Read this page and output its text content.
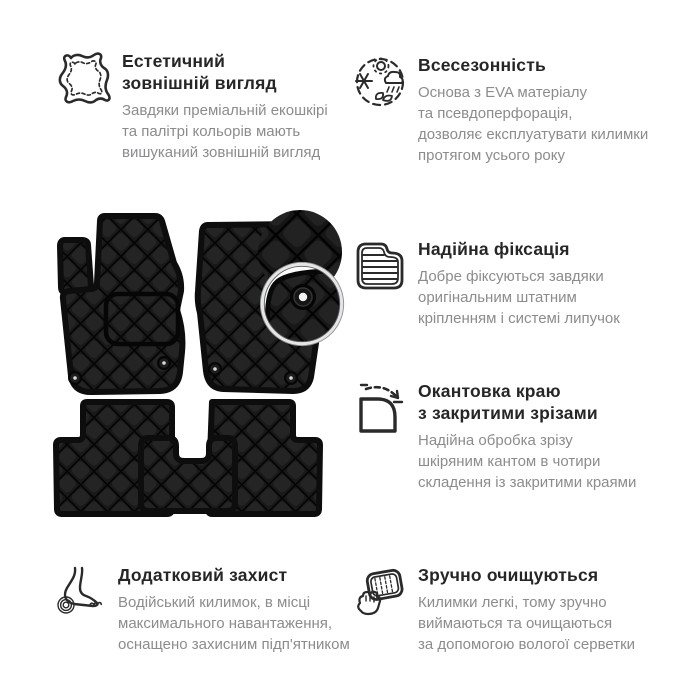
Естетичний
зовнішній вигляд

Завдяки преміальній екошкірі
та палітрі кольорів мають
вишуканий зовнішній вигляд

Всесезонність

Основа з EVA матеріалу
та псевдоперфорація,
дозволяє експлуатувати килимки
протягом усього року

Надійна фіксація

Добре фіксуються завдяки
оригінальним штатним
кріпленням і системі липучок

Окантовка краю
з закритими зрізами

Надійна обробка зрізу
шкіряним кантом в чотири
складення із закритими краями

Додатковий захист

Водійський килимок, в місці
максимального навантаження,
оснащено захисним підп'ятником

Зручно очищуються

Килимки легкі, тому зручно
виймаються та очищаються
за допомогою вологої серветки
